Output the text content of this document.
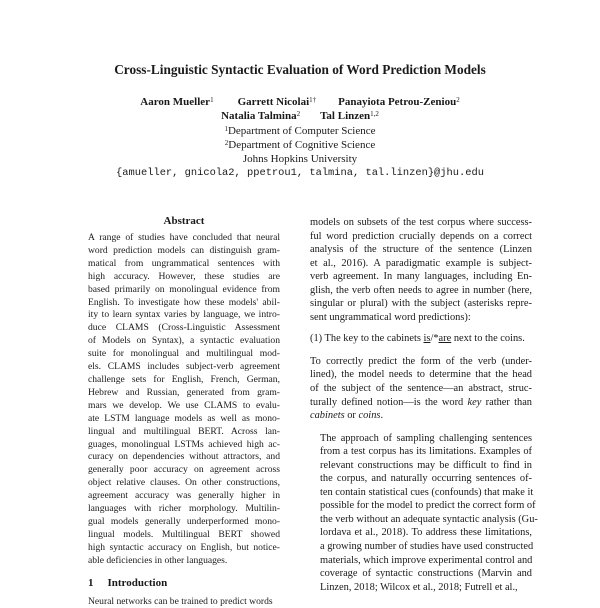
Cross-Linguistic Syntactic Evaluation of Word Prediction Models
Aaron Mueller$^1$ Garrett Nicolai$^{1\dagger}$ Panayiota Petrou-Zeniou$^2$
Natalia Talmina$^2$ Tal Linzen$^{1,2}$
$^1$Department of Computer Science
$^2$Department of Cognitive Science
Johns Hopkins University
{amueller, gnicola2, ppetrou1, talmina, tal.linzen}@jhu.edu
Abstract

A range of studies have concluded that neural
word prediction models can distinguish gram-
matical from ungrammatical sentences with
high accuracy. However, these studies are
based primarily on monolingual evidence from
English. To investigate how these models' abil-
ity to learn syntax varies by language, we intro-
duce CLAMS (Cross-Linguistic Assessment
of Models on Syntax), a syntactic evaluation
suite for monolingual and multilingual mod-
els. CLAMS includes subject-verb agreement
challenge sets for English, French, German,
Hebrew and Russian, generated from gram-
mars we develop. We use CLAMS to evalu-
ate LSTM language models as well as mono-
lingual and multilingual BERT. Across lan-
guages, monolingual LSTMs achieved high ac-
curacy on dependencies without attractors, and
generally poor accuracy on agreement across
object relative clauses. On other constructions,
agreement accuracy was generally higher in
languages with richer morphology. Multilin-
gual models generally underperformed mono-
lingual models. Multilingual BERT showed
high syntactic accuracy on English, but notice-
able deficiencies in other languages.

1 Introduction

Neural networks can be trained to predict words

models on subsets of the test corpus where success-
ful word prediction crucially depends on a correct
analysis of the structure of the sentence (Linzen
et al., 2016). A paradigmatic example is subject-
verb agreement. In many languages, including En-
glish, the verb often needs to agree in number (here,
singular or plural) with the subject (asterisks repre-
sent ungrammatical word predictions):

(1) The key to the cabinets is/*are next to the coins.

To correctly predict the form of the verb (under-
lined), the model needs to determine that the head
of the subject of the sentence—an abstract, struc-
turally defined notion—is the word key rather than
cabinets or coins.

The approach of sampling challenging sentences
from a test corpus has its limitations. Examples of
relevant constructions may be difficult to find in
the corpus, and naturally occurring sentences of-
ten contain statistical cues (confounds) that make it
possible for the model to predict the correct form of
the verb without an adequate syntactic analysis (Gu-
lordava et al., 2018). To address these limitations,
a growing number of studies have used constructed
materials, which improve experimental control and
coverage of syntactic constructions (Marvin and
Linzen, 2018; Wilcox et al., 2018; Futrell et al.,
